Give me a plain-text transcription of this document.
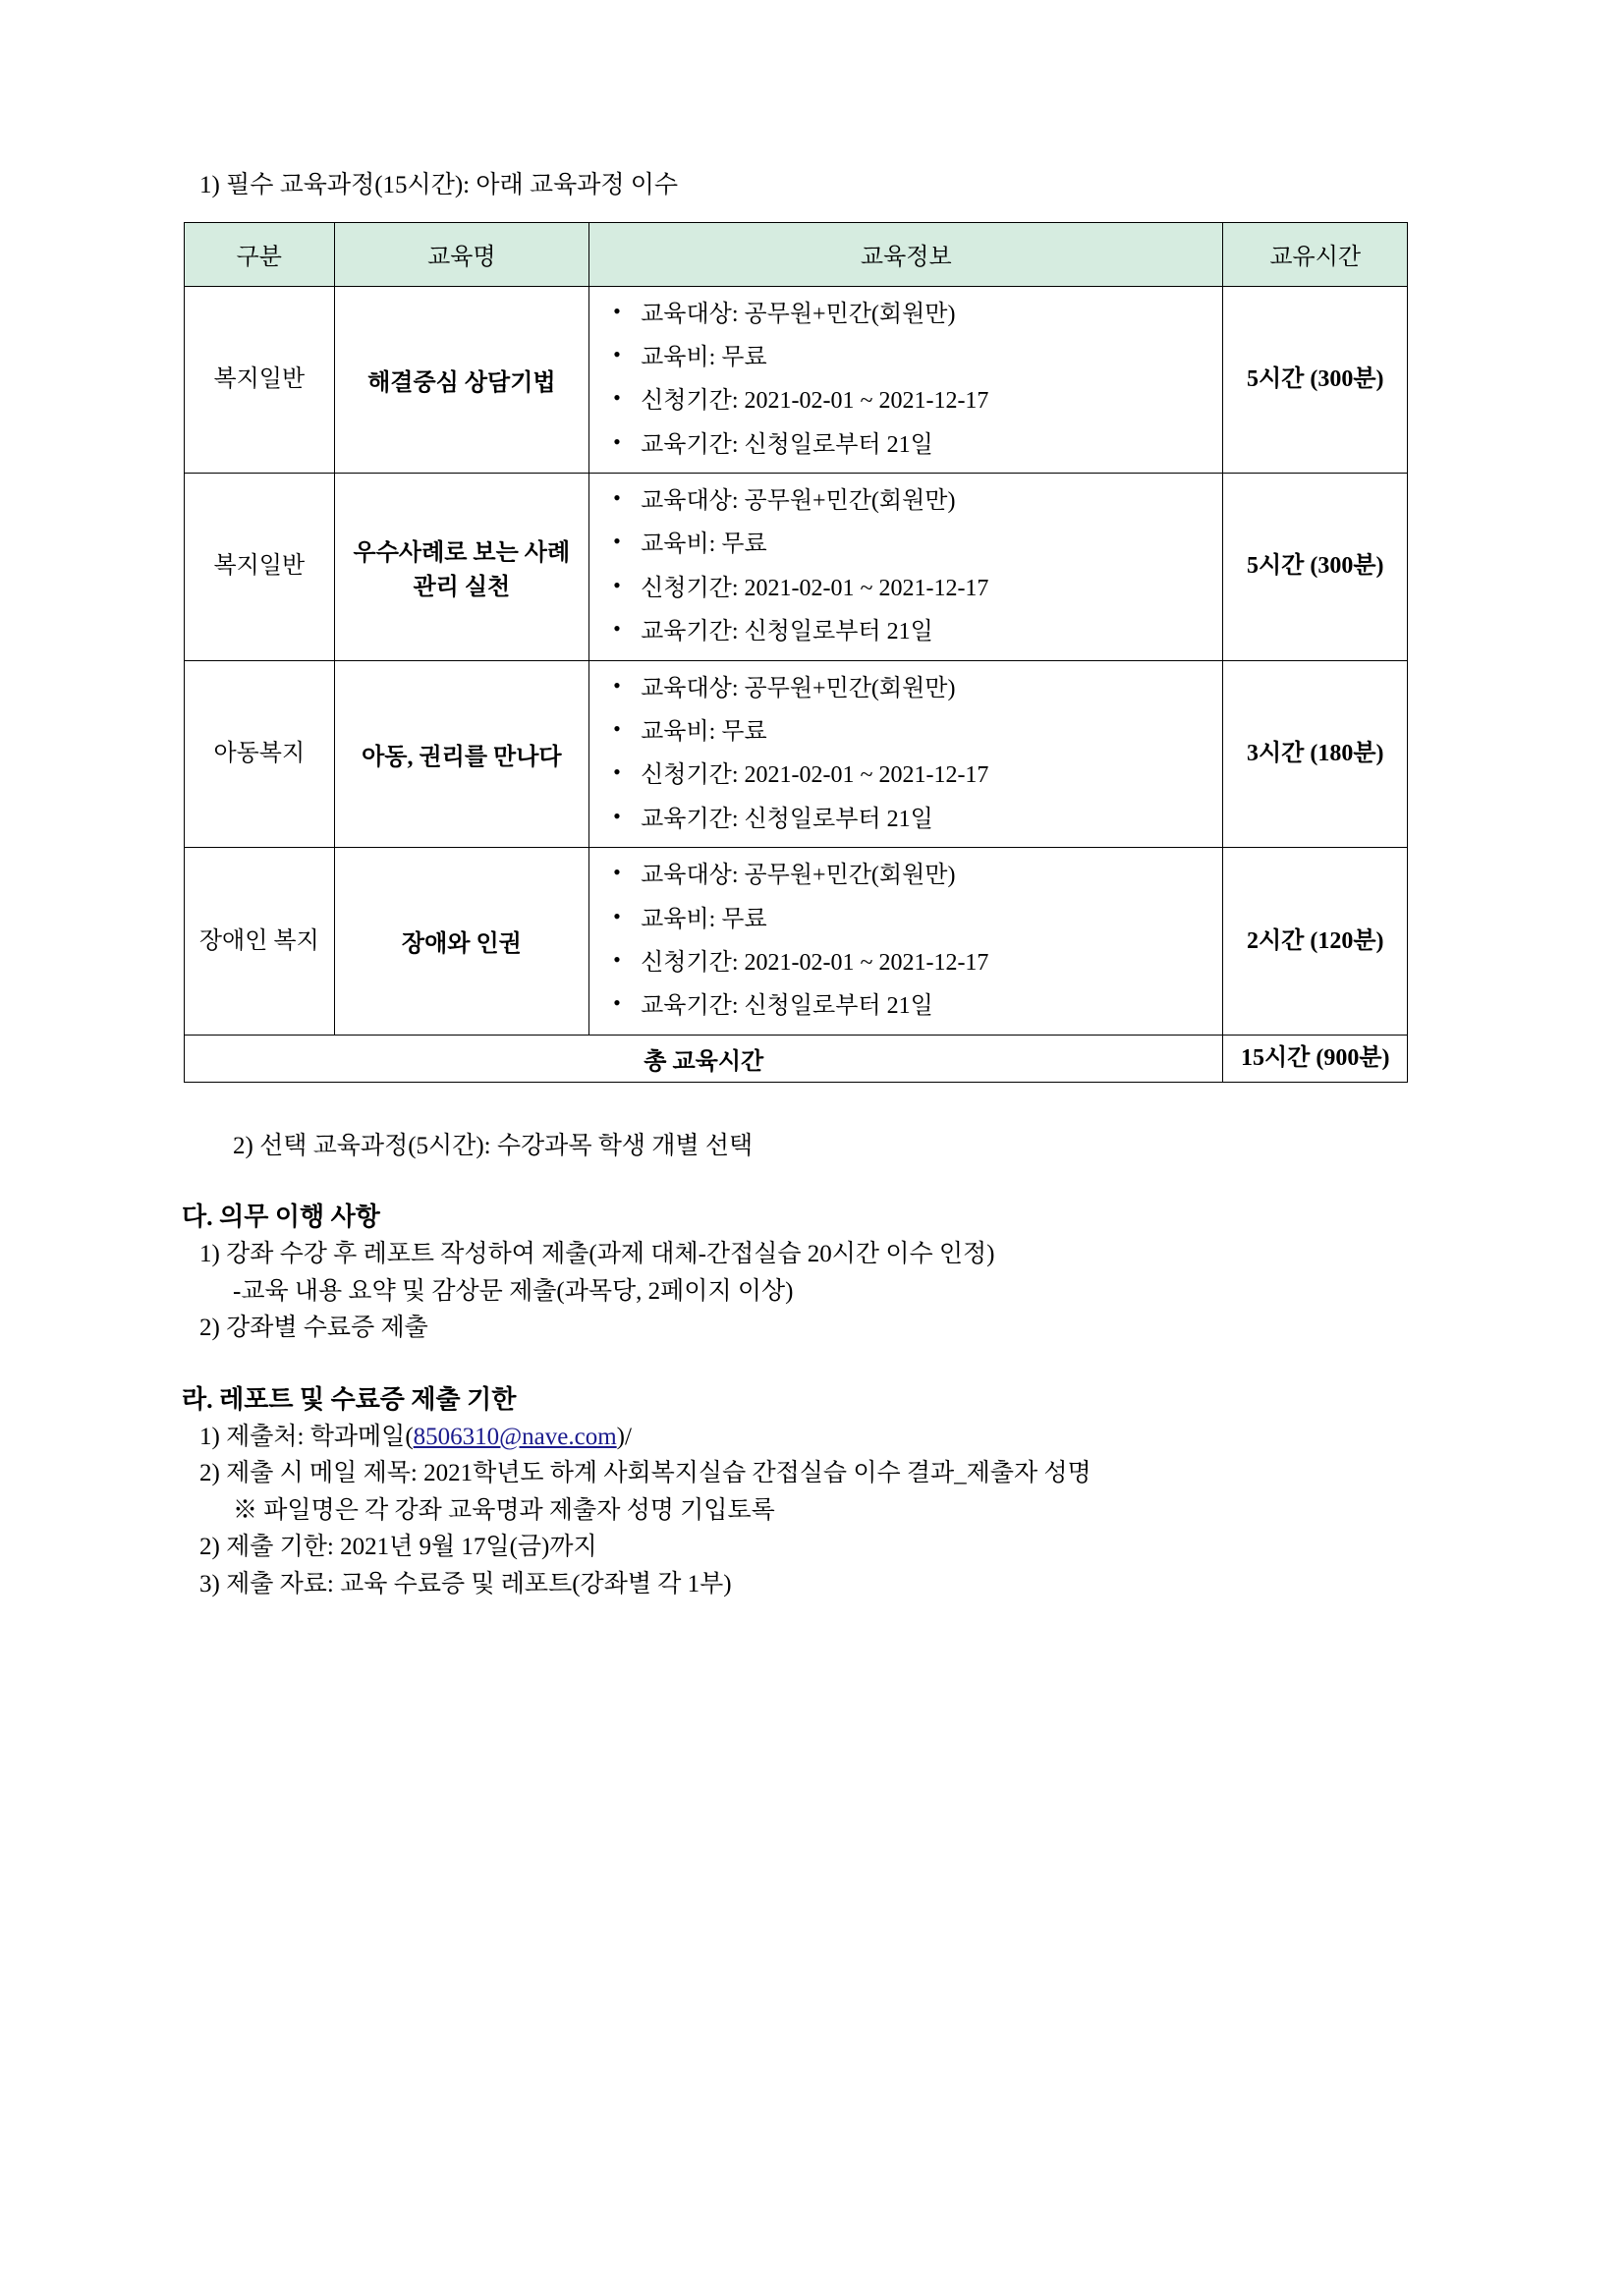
1) 필수 교육과정(15시간): 아래 교육과정 이수
구분	교육명	교육정보	교유시간
복지일반	해결중심 상담기법	
• 교육대상: 공무원+민간(회원만)
• 교육비: 무료
• 신청기간: 2021-02-01 ~ 2021-12-17
• 교육기간: 신청일로부터 21일
	5시간 (300분)
복지일반	우수사례로 보는 사례관리 실천	
• 교육대상: 공무원+민간(회원만)
• 교육비: 무료
• 신청기간: 2021-02-01 ~ 2021-12-17
• 교육기간: 신청일로부터 21일
	5시간 (300분)
아동복지	아동, 권리를 만나다	
• 교육대상: 공무원+민간(회원만)
• 교육비: 무료
• 신청기간: 2021-02-01 ~ 2021-12-17
• 교육기간: 신청일로부터 21일
	3시간 (180분)
장애인 복지	장애와 인권	
• 교육대상: 공무원+민간(회원만)
• 교육비: 무료
• 신청기간: 2021-02-01 ~ 2021-12-17
• 교육기간: 신청일로부터 21일
	2시간 (120분)
총 교육시간			15시간 (900분)
2) 선택 교육과정(5시간): 수강과목 학생 개별 선택
다. 의무 이행 사항
1) 강좌 수강 후 레포트 작성하여 제출(과제 대체-간접실습 20시간 이수 인정)
-교육 내용 요약 및 감상문 제출(과목당, 2페이지 이상)
2) 강좌별 수료증 제출
라. 레포트 및 수료증 제출 기한
1) 제출처: 학과메일(8506310@nave.com)/
2) 제출 시 메일 제목: 2021학년도 하계 사회복지실습 간접실습 이수 결과_제출자 성명
※ 파일명은 각 강좌 교육명과 제출자 성명 기입토록
2) 제출 기한: 2021년 9월 17일(금)까지
3) 제출 자료: 교육 수료증 및 레포트(강좌별 각 1부)
